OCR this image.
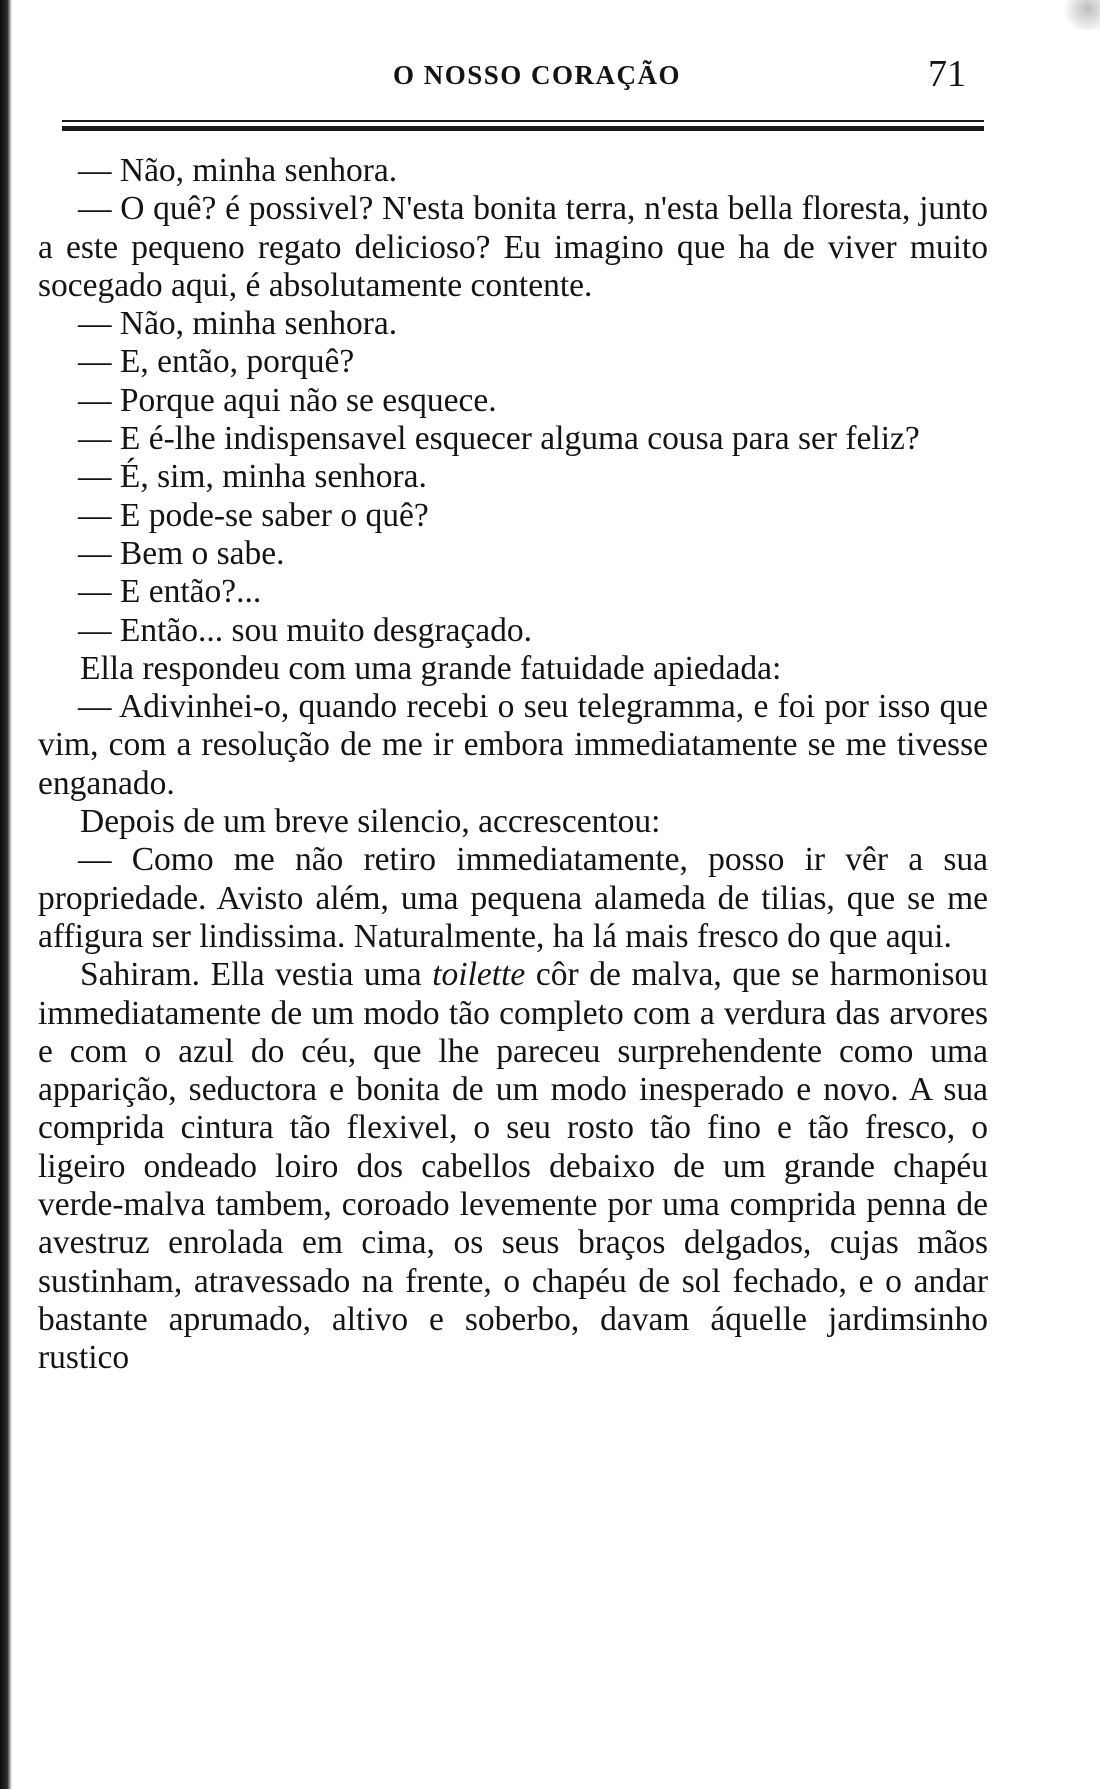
O NOSSO CORAÇÃO	71

— Não, minha senhora.

— O quê? é possivel? N'esta bonita terra, n'esta bella floresta, junto a este pequeno regato delicioso? Eu imagino que ha de viver muito socegado aqui, é absolutamente contente.

— Não, minha senhora.

— E, então, porquê?

— Porque aqui não se esquece.

— E é-lhe indispensavel esquecer alguma cousa para ser feliz?

— É, sim, minha senhora.

— E pode-se saber o quê?

— Bem o sabe.

— E então?...

— Então... sou muito desgraçado.

Ella respondeu com uma grande fatuidade apiedada:

— Adivinhei-o, quando recebi o seu telegramma, e foi por isso que vim, com a resolução de me ir embora immediatamente se me tivesse enganado.

Depois de um breve silencio, accrescentou:

— Como me não retiro immediatamente, posso ir vêr a sua propriedade. Avisto além, uma pequena alameda de tilias, que se me affigura ser lindissima. Naturalmente, ha lá mais fresco do que aqui.

Sahiram. Ella vestia uma toilette côr de malva, que se harmonisou immediatamente de um modo tão completo com a verdura das arvores e com o azul do céu, que lhe pareceu surprehendente como uma apparição, seductora e bonita de um modo inesperado e novo. A sua comprida cintura tão flexivel, o seu rosto tão fino e tão fresco, o ligeiro ondeado loiro dos cabellos debaixo de um grande chapéu verde-malva tambem, coroado levemente por uma comprida penna de avestruz enrolada em cima, os seus braços delgados, cujas mãos sustinham, atravessado na frente, o chapéu de sol fechado, e o andar bastante aprumado, altivo e soberbo, davam áquelle jardimsinho rustico
